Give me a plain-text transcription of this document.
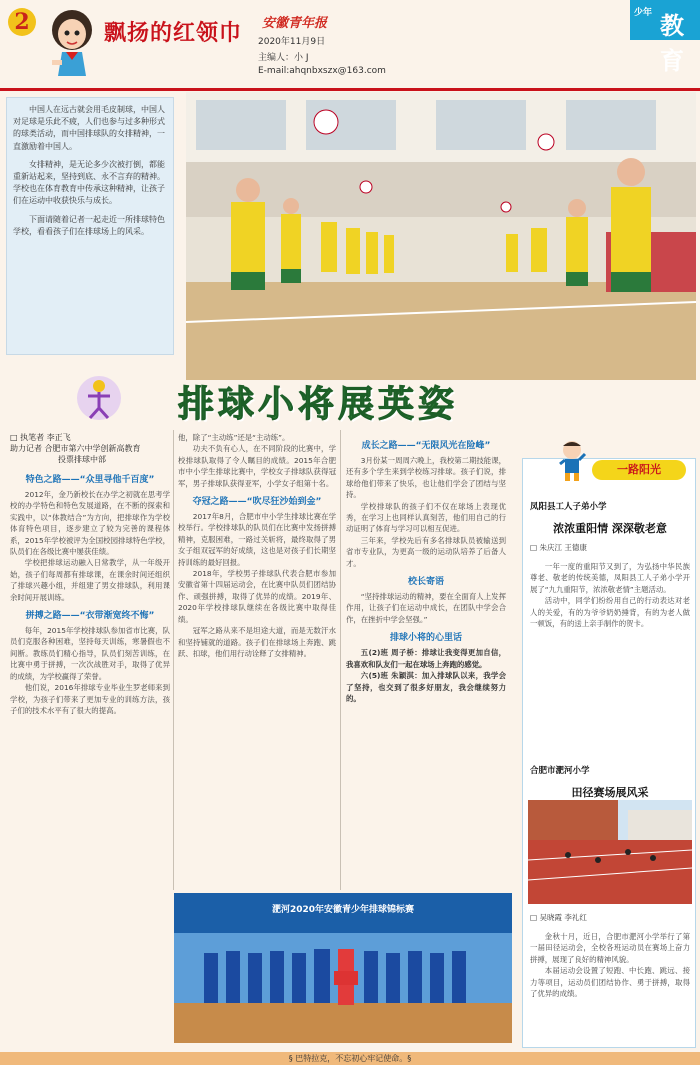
2	飘扬的红领巾 安徽青年报
2020年11月9日
主编人：小 J
E-mail:ahqnbxszx@163.com
少年 教育
中国人在远古就会用毛皮制球，中国人对足球是乐此不疲，人们也参与过多种形式的球类活动，而中国排球队的女排精神，一直激励着中国人。
女排精神，是无论多少次被打倒，都能重新站起来，坚持到底、永不言弃的精神。学校也在体育教育中传承这种精神，让孩子们在运动中收获快乐与成长。
下面请随着记者一起走近一所排球特色学校，看看孩子们在排球场上的风采。
排球小将展英姿
□ 执笔者 李正飞
助力记者 合肥市第六中学创新高教育
投票排球中部
特色之路——“众里寻他千百度”
2012年，金乃新校长在办学之初就在思考学校的办学特色和特色发展道路，在不断的探索和实践中，以“体教结合”为方向，把排球作为学校体育特色项目，逐步建立了较为完善的课程体系，2015年学校被评为全国校园排球特色学校，队员们在各级比赛中屡获佳绩。
学校把排球运动融入日常教学，从一年级开始，孩子们每周都有排球课，在课余时间还组织了排球兴趣小组，并组建了男女排球队，利用课余时间开展训练。
拼搏之路——“衣带渐宽终不悔”
每年，2015年学校排球队参加省市比赛，队员们克服各种困难，坚持每天训练，寒暑假也不间断。教练员们精心指导，队员们刻苦训练，在比赛中勇于拼搏，一次次战胜对手，取得了优异的成绩，为学校赢得了荣誉。
他们说，2016年排球专业毕业生罗老师来到学校，为孩子们带来了更加专业的训练方法，孩子们的技术水平有了很大的提高。
他，除了“主动练”还是“主动练”。
功夫不负有心人，在不同阶段的比赛中，学校排球队取得了令人瞩目的成绩。2015年合肥市中小学生排球比赛中，学校女子排球队获得冠军，男子排球队获得亚军，小学女子组第十名。
夺冠之路——“吹尽狂沙始到金”
2017年8月，合肥市中小学生排球比赛在学校举行。学校排球队的队员们在比赛中发扬拼搏精神，克服困难，一路过关斩将，最终取得了男女子组双冠军的好成绩，这也是对孩子们长期坚持训练的最好回报。
2018年，学校男子排球队代表合肥市参加安徽省第十四届运动会，在比赛中队员们团结协作、顽强拼搏，取得了优异的成绩。2019年、2020年学校排球队继续在各级比赛中取得佳绩。
冠军之路从来不是坦途大道，而是无数汗水和坚持铺就的道路。孩子们在排球场上奔跑、跳跃、扣球，他们用行动诠释了女排精神。
成长之路——“无限风光在险峰”
3月份某一周周六晚上，我校第二期技能课，还有多个学生来到学校练习排球。孩子们说，排球给他们带来了快乐，也让他们学会了团结与坚持。
学校排球队的孩子们不仅在球场上表现优秀，在学习上也同样认真刻苦，他们用自己的行动证明了体育与学习可以相互促进。
三年来，学校先后有多名排球队员被输送到省市专业队，为更高一级的运动队培养了后备人才。
校长寄语
“坚持排球运动的精神，要在全面育人上发挥作用，让孩子们在运动中成长，在团队中学会合作，在挫折中学会坚强。”
排球小将的心里话
五(2)班 周子桥：排球让我变得更加自信，我喜欢和队友们一起在球场上奔跑的感觉。
六(5)班 朱颖淇：加入排球队以来，我学会了坚持，也交到了很多好朋友，我会继续努力的。
淝河2020年安徽青少年排球锦标赛
一路阳光
凤阳县工人子弟小学
浓浓重阳情 深深敬老意
□ 朱庆江 王德康
一年一度的重阳节又到了，为弘扬中华民族尊老、敬老的传统美德，凤阳县工人子弟小学开展了“九九重阳节，浓浓敬老情”主题活动。
活动中，同学们纷纷用自己的行动表达对老人的关爱，有的为爷爷奶奶捶背，有的为老人做一顿饭，有的送上亲手制作的贺卡。
合肥市淝河小学
田径赛场展风采
□ 吴晓霞 李礼红
金秋十月，近日，合肥市淝河小学举行了第一届田径运动会，全校各班运动员在赛场上奋力拼搏，展现了良好的精神风貌。
本届运动会设置了短跑、中长跑、跳远、接力等项目，运动员们团结协作、勇于拼搏，取得了优异的成绩。
§ 巴特拉克，不忘初心牢记使命。§
